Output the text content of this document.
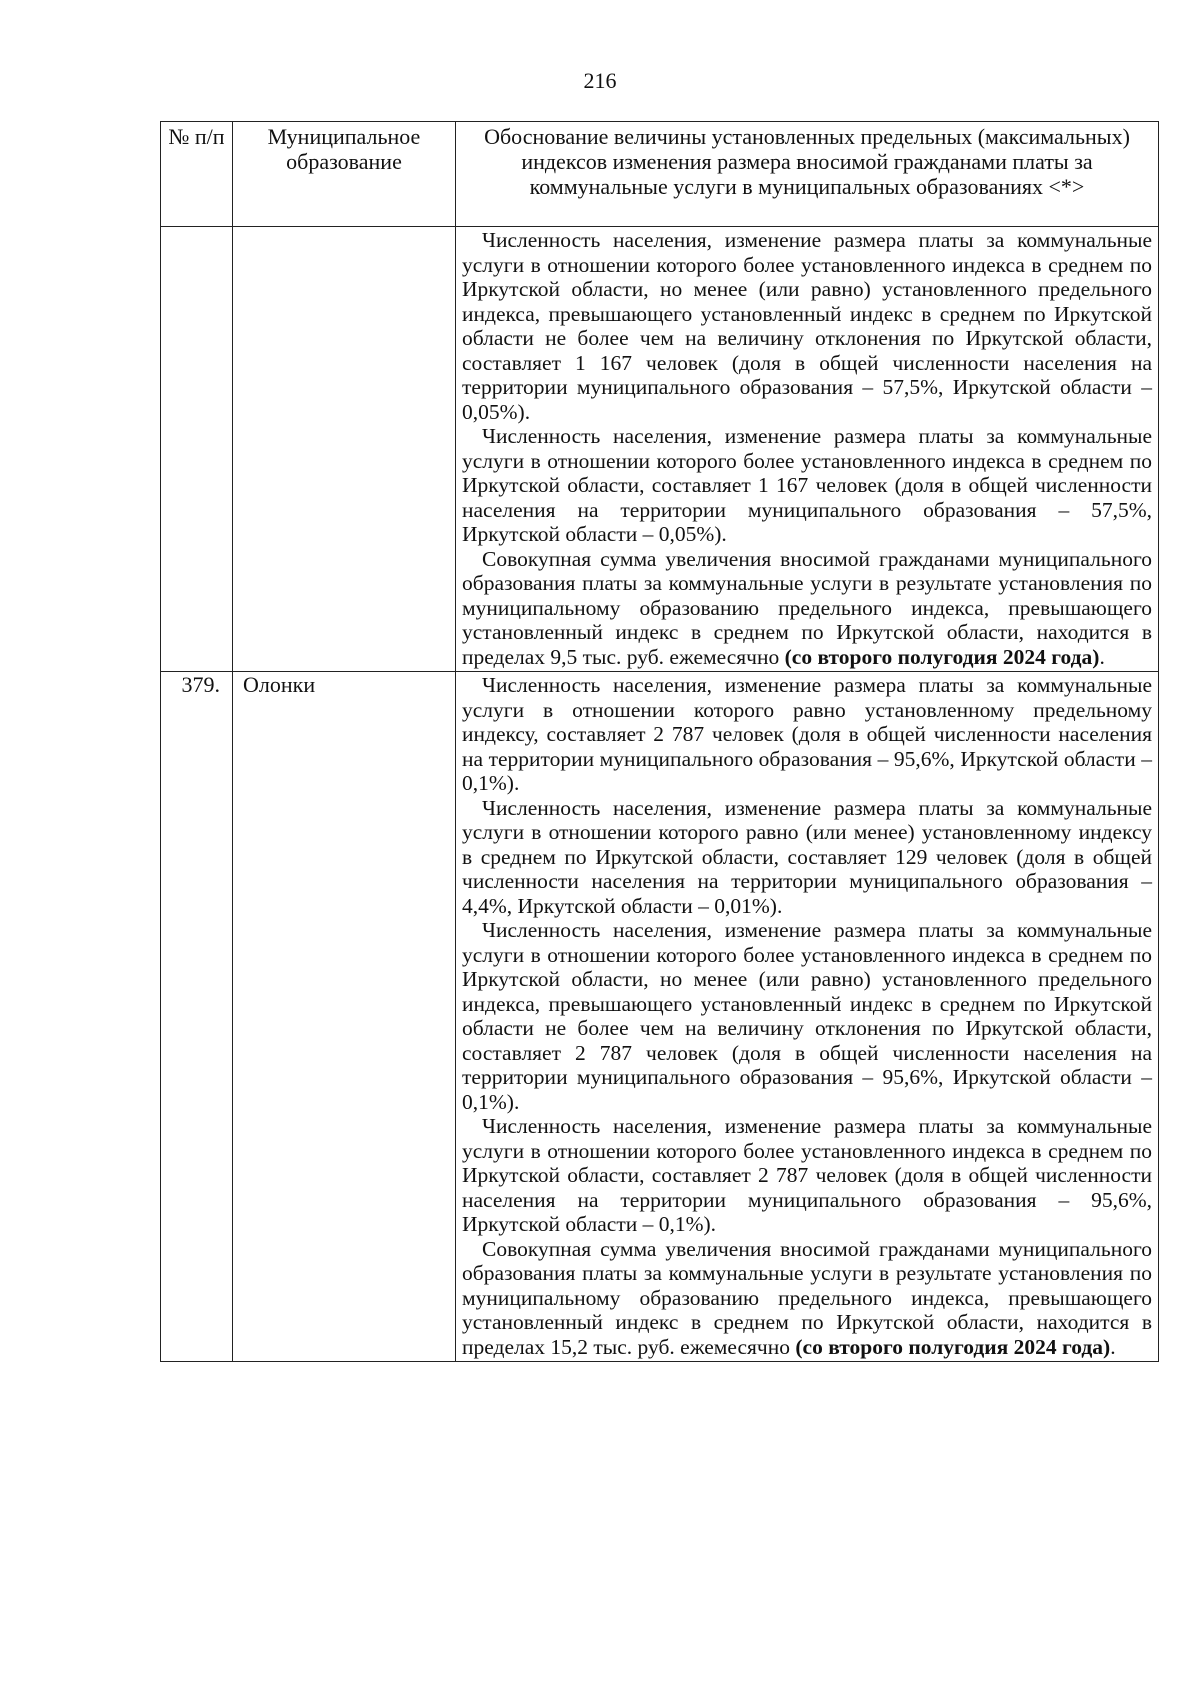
216
№ п/п	Муниципальное образование	Обоснование величины установленных предельных (максимальных) индексов изменения размера вносимой гражданами платы за коммунальные услуги в муниципальных образованиях <*>

		Численность населения, изменение размера платы за коммунальные услуги в отношении которого более установленного индекса в среднем по Иркутской области, но менее (или равно) установленного предельного индекса, превышающего установленный индекс в среднем по Иркутской области не более чем на величину отклонения по Иркутской области, составляет 1 167 человек (доля в общей численности населения на территории муниципального образования – 57,5%, Иркутской области – 0,05%).

Численность населения, изменение размера платы за коммунальные услуги в отношении которого более установленного индекса в среднем по Иркутской области, составляет 1 167 человек (доля в общей численности населения на территории муниципального образования – 57,5%, Иркутской области – 0,05%).

Совокупная сумма увеличения вносимой гражданами муниципального образования платы за коммунальные услуги в результате установления по муниципальному образованию предельного индекса, превышающего установленный индекс в среднем по Иркутской области, находится в пределах 9,5 тыс. руб. ежемесячно (со второго полугодия 2024 года).

379.	Олонки	Численность населения, изменение размера платы за коммунальные услуги в отношении которого равно установленному предельному индексу, составляет 2 787 человек (доля в общей численности населения на территории муниципального образования – 95,6%, Иркутской области – 0,1%).

Численность населения, изменение размера платы за коммунальные услуги в отношении которого равно (или менее) установленному индексу в среднем по Иркутской области, составляет 129 человек (доля в общей численности населения на территории муниципального образования – 4,4%, Иркутской области – 0,01%).

Численность населения, изменение размера платы за коммунальные услуги в отношении которого более установленного индекса в среднем по Иркутской области, но менее (или равно) установленного предельного индекса, превышающего установленный индекс в среднем по Иркутской области не более чем на величину отклонения по Иркутской области, составляет 2 787 человек (доля в общей численности населения на территории муниципального образования – 95,6%, Иркутской области – 0,1%).

Численность населения, изменение размера платы за коммунальные услуги в отношении которого более установленного индекса в среднем по Иркутской области, составляет 2 787 человек (доля в общей численности населения на территории муниципального образования – 95,6%, Иркутской области – 0,1%).

Совокупная сумма увеличения вносимой гражданами муниципального образования платы за коммунальные услуги в результате установления по муниципальному образованию предельного индекса, превышающего установленный индекс в среднем по Иркутской области, находится в пределах 15,2 тыс. руб. ежемесячно (со второго полугодия 2024 года).
